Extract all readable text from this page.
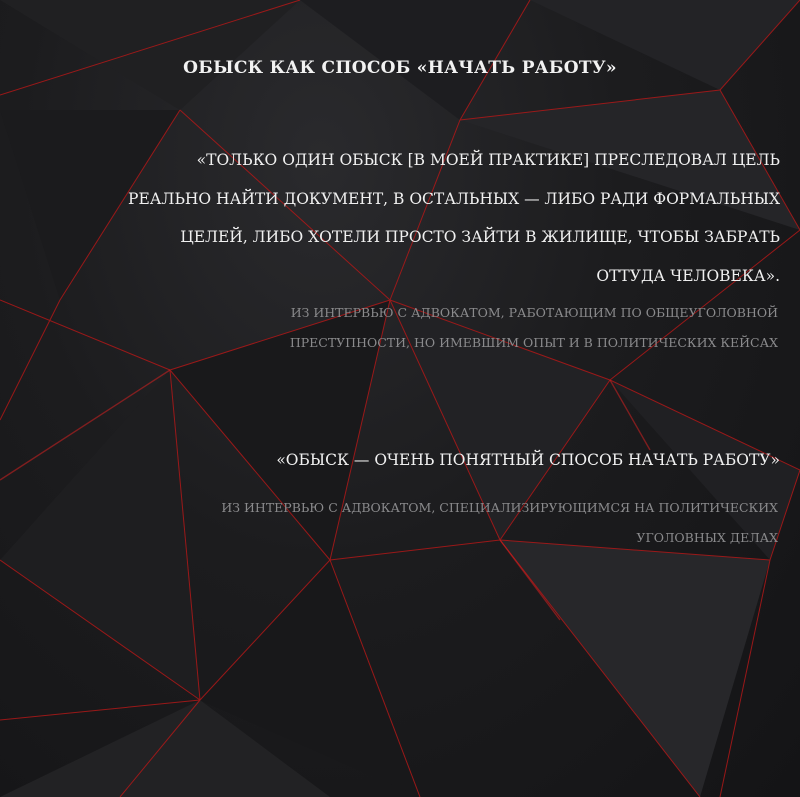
ОБЫСК КАК СПОСОБ «НАЧАТЬ РАБОТУ»
«ТОЛЬКО ОДИН ОБЫСК [В МОЕЙ ПРАКТИКЕ] ПРЕСЛЕДОВАЛ ЦЕЛЬ
РЕАЛЬНО НАЙТИ ДОКУМЕНТ, В ОСТАЛЬНЫХ — ЛИБО РАДИ ФОРМАЛЬНЫХ
ЦЕЛЕЙ, ЛИБО ХОТЕЛИ ПРОСТО ЗАЙТИ В ЖИЛИЩЕ, ЧТОБЫ ЗАБРАТЬ
ОТТУДА ЧЕЛОВЕКА».
ИЗ ИНТЕРВЬЮ С АДВОКАТОМ, РАБОТАЮЩИМ ПО ОБЩЕУГОЛОВНОЙ
ПРЕСТУПНОСТИ, НО ИМЕВШИМ ОПЫТ И В ПОЛИТИЧЕСКИХ КЕЙСАХ
«ОБЫСК — ОЧЕНЬ ПОНЯТНЫЙ СПОСОБ НАЧАТЬ РАБОТУ»
ИЗ ИНТЕРВЬЮ С АДВОКАТОМ, СПЕЦИАЛИЗИРУЮЩИМСЯ НА ПОЛИТИЧЕСКИХ
УГОЛОВНЫХ ДЕЛАХ
